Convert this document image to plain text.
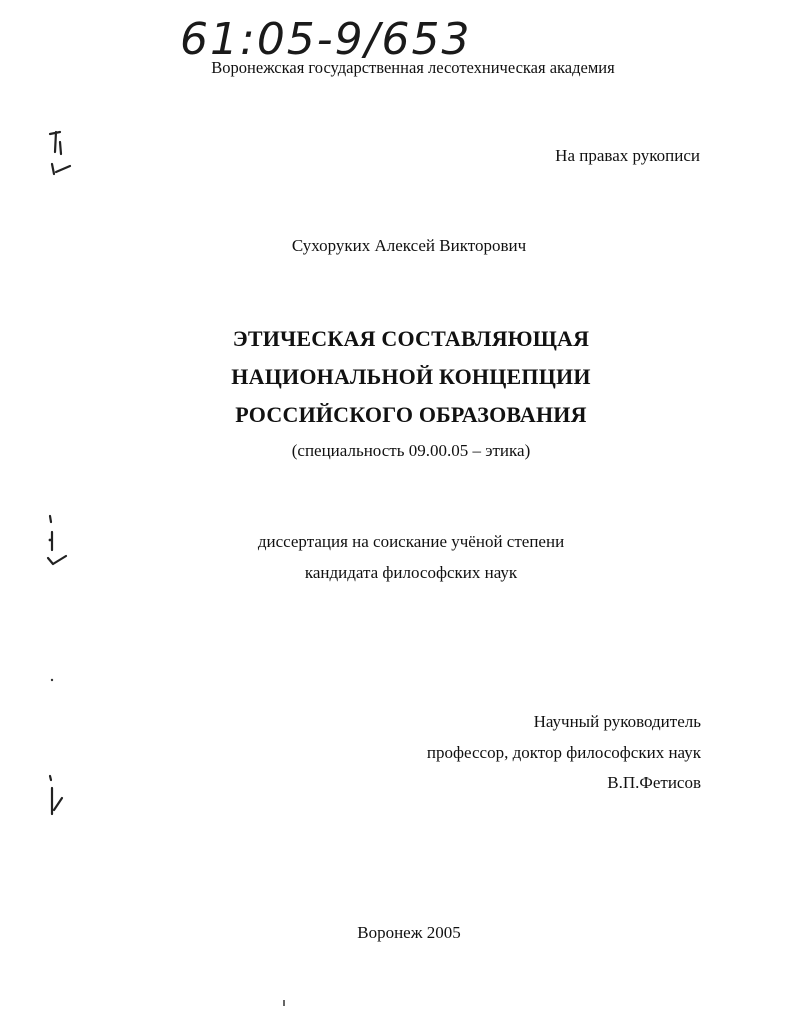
61:05-9/653
Воронежская государственная лесотехническая академия
На правах рукописи
Сухоруких Алексей Викторович
ЭТИЧЕСКАЯ СОСТАВЛЯЮЩАЯ
НАЦИОНАЛЬНОЙ КОНЦЕПЦИИ
РОССИЙСКОГО ОБРАЗОВАНИЯ
(специальность 09.00.05 – этика)
диссертация на соискание учёной степени
кандидата философских наук
Научный руководитель
профессор, доктор философских наук
В.П.Фетисов
Воронеж 2005
